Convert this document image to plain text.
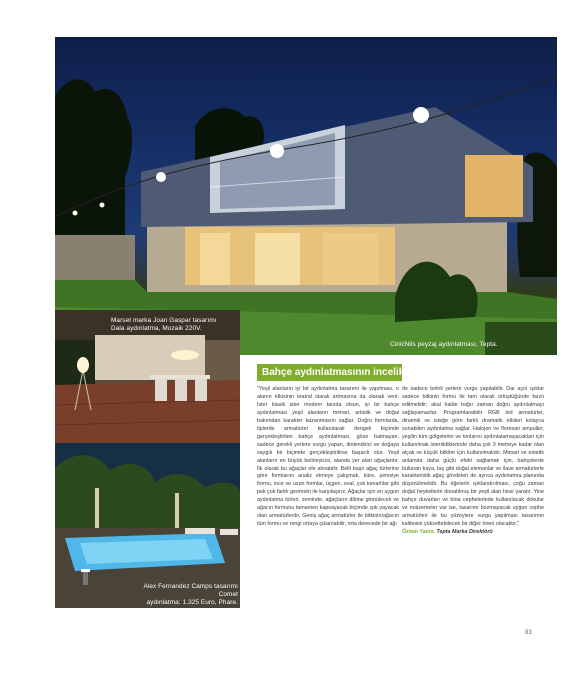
CinićNils peyzaj aydınlatması, Tepta.
Marset marka Joan Gaspar tasarımı
Dala aydınlatma, Mozaik 220V.
Alex Fernandez Camps tasarımı Comet
aydınlatma: 1.325 Euro, Phare.
Bahçe aydınlatmasının incelikleri

"Yeşil alanların iyi bir aydınlatma tasarımı ile yapılması, o alanın etkisinin teatral olarak artmasına da olanak verir. İster klasik ister modern tarzda olsun, iyi bir bahçe aydınlatması yeşil alanların mimari, artistik ve doğal bakımdan karakter kazanmasını sağlar. Doğru formlarda, tiplerde armatürler kullanılarak dengeli biçimde gerçekleştirilen bahçe aydınlatması, göze batmayan, sadece gerekli yerlere vurgu yapan, dinlendirici ve doğaya saygılı bir biçimde gerçekleştirilirse başarılı olur. Yeşil alanların en büyük belirleyicisi, alanda yer alan ağaçlardır. İlk olarak bu ağaçlar ele alınabilir. Belli başlı ağaç türlerine göre formlarını analiz etmeye çalışmak, küre, şemsiye formu, ince ve uzun formlar, üçgen, oval, çok kenarlılar gibi pek çok farklı geometri ile karşılaşırız. Ağaçlar için en uygun aydınlatma türleri, zeminde, ağaçların dibine gömülecek ve ağacın formunu tamamen kapsayacak biçimde ışık yayacak olan armatürlerdir. Geniş ağaç armatürler ile bitkinin/ağacın tüm formu ve rengi ortaya çıkarılabilir, orta derecede bir ağı

de sadece belirli yerlere vurgu yapılabilir. Dar açılı ışıklar sadece bitkinin formu ile tam olarak örtüştüğünde farzlı edilmelidir; akai halde bağır zaman doğru aydınlatmayı sağlayamazlar. Programlanabilir RGB led armatürler, dinamik ve isteğe göre farklı dramatik etkileri kolayca sunabilen aydınlatma sağlar. Halojen ve floresan ampuller, yeşilin tüm gölgelerini ve tonlarını aydınlatamayacakları için kullanılmak istenildiklerinde daha çok 3 metreye kadar olan alçak ve küçük bitkiler için kullanılmalıdır. Mimari ve estetik anlamda daha güçlü efekt sağlamak için, bahçelerde bulunan kaya, taş gibi doğal elemanlar ve ilave armatürlerle karakteristik ağaç gövdeleri de ayrıca aydınlatma planında düşünülmelidir. Bu öğelerin ışıklandırılması, çoğu zaman doğal heykellerle donatılmış bir yeşil alan hissi yaratır. Yine bahçe duvarları ve bina cephelerinde kullanılacak dokular ve malzemeler var ise, tasarımı bozmayacak uygun cephe armatürleri ile bu yüzeylere vurgu yapılması tasarımın kalitesini yükseltebilecek bir diğer öneri olacaktır."

Özlem Yalım, Tepta Marka Direktörü

83
